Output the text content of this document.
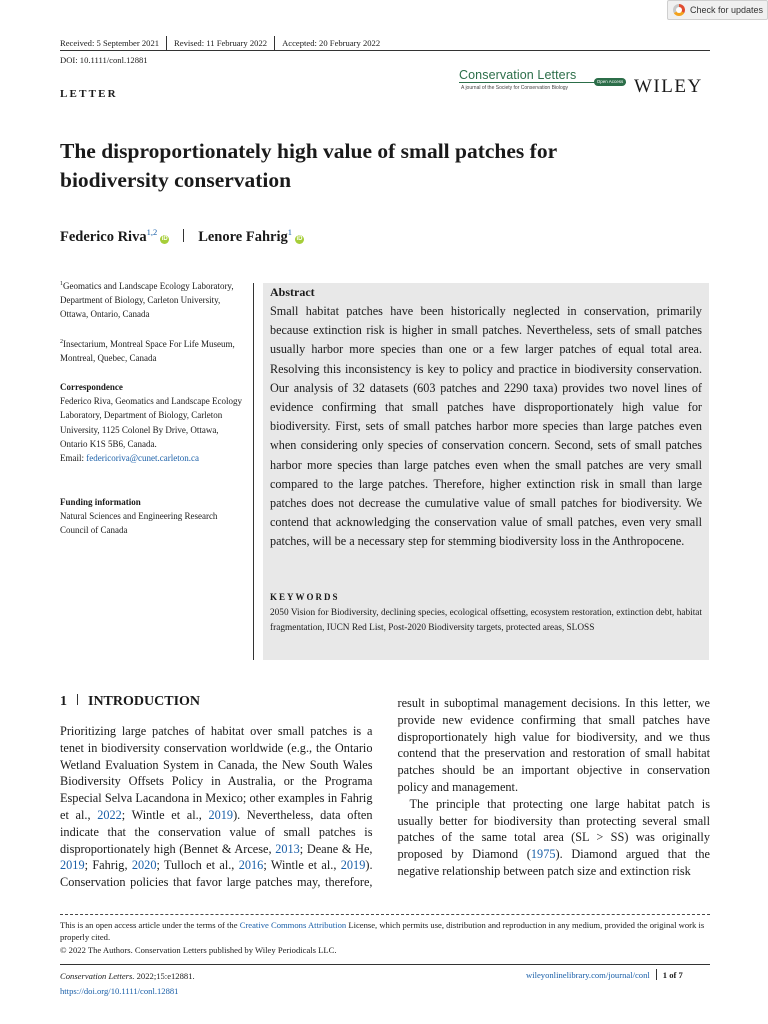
Check for updates
Received: 5 September 2021 Revised: 11 February 2022 Accepted: 20 February 2022
DOI: 10.1111/conl.12881
Conservation Letters
A journal of the Society for Conservation Biology
Open Access WILEY
LETTER
The disproportionately high value of small patches for
biodiversity conservation
Federico Riva$^{1,2}$iD Lenore Fahrig$^1$iD
$^1$Geomatics and Landscape Ecology Laboratory, Department of Biology, Carleton University, Ottawa, Ontario, Canada
$^2$Insectarium, Montreal Space For Life Museum, Montreal, Quebec, Canada
Correspondence
Federico Riva, Geomatics and Landscape Ecology Laboratory, Department of Biology, Carleton University, 1125 Colonel By Drive, Ottawa, Ontario K1S 5B6, Canada.
Email: federicoriva@cunet.carleton.ca
Funding information
Natural Sciences and Engineering Research Council of Canada
Abstract
Small habitat patches have been historically neglected in conservation, primarily because extinction risk is higher in small patches. Nevertheless, sets of small patches usually harbor more species than one or a few larger patches of equal total area. Resolving this inconsistency is key to policy and practice in biodiversity conservation. Our analysis of 32 datasets (603 patches and 2290 taxa) provides two novel lines of evidence confirming that small patches have disproportionately high value for biodiversity. First, sets of small patches harbor more species than large patches even when considering only species of conservation concern. Second, sets of small patches harbor more species than large patches even when the small patches are very small compared to the large patches. Therefore, higher extinction risk in small than large patches does not decrease the cumulative value of small patches for biodiversity. We contend that acknowledging the conservation value of small patches, even very small patches, will be a necessary step for stemming biodiversity loss in the Anthropocene.
KEYWORDS
2050 Vision for Biodiversity, declining species, ecological offsetting, ecosystem restoration, extinction debt, habitat fragmentation, IUCN Red List, Post-2020 Biodiversity targets, protected areas, SLOSS
1 INTRODUCTION

Prioritizing large patches of habitat over small patches is a tenet in biodiversity conservation worldwide (e.g., the Ontario Wetland Evaluation System in Canada, the New South Wales Biodiversity Offsets Policy in Australia, or the Programa Especial Selva Lacandona in Mexico; other examples in Fahrig et al., 2022; Wintle et al., 2019). Nevertheless, data often indicate that the conservation value of small patches is disproportionately high (Bennet & Arcese, 2013; Deane & He, 2019; Fahrig, 2020; Tulloch et al., 2016; Wintle et al., 2019). Conservation policies that favor large patches may, therefore, result in suboptimal management decisions. In this letter, we provide new evidence confirming that small patches have disproportionately high value for biodiversity, and we thus contend that the preservation and restoration of small habitat patches should be an important objective in conservation policy and management.

The principle that protecting one large habitat patch is usually better for biodiversity than protecting several small patches of the same total area (SL > SS) was originally proposed by Diamond (1975). Diamond argued that the negative relationship between patch size and extinction risk

This is an open access article under the terms of the Creative Commons Attribution License, which permits use, distribution and reproduction in any medium, provided the original work is properly cited.
© 2022 The Authors. Conservation Letters published by Wiley Periodicals LLC.
Conservation Letters. 2022;15:e12881.
https://doi.org/10.1111/conl.12881
wileyonlinelibrary.com/journal/conl 1 of 7
